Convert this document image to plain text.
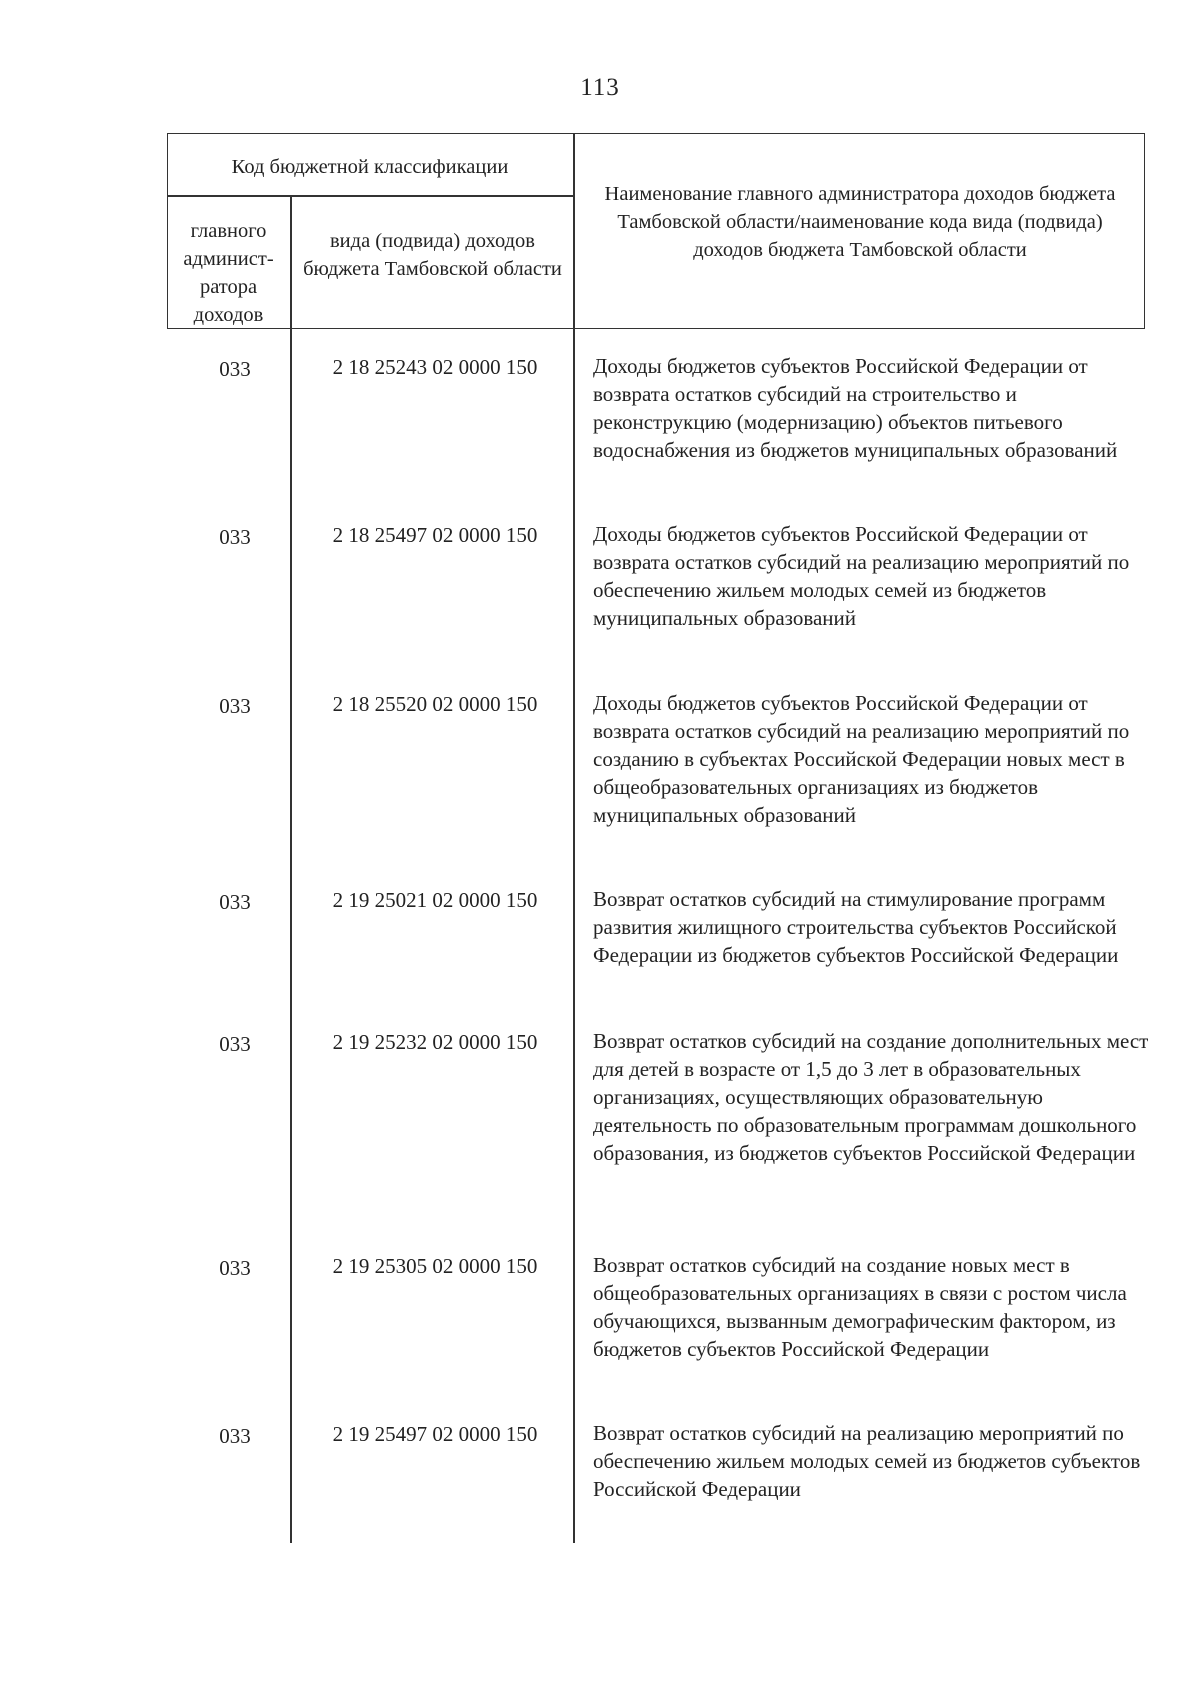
113
Код бюджетной классификации
главного админист-ратора доходов
вида (подвида) доходов бюджета Тамбовской области
Наименование главного администратора доходов бюджета Тамбовской области/наименование кода вида (подвида) доходов бюджета Тамбовской области
033	2 18 25243 02 0000 150	Доходы бюджетов субъектов Российской Федерации от возврата остатков субсидий на строительство и реконструкцию (модернизацию) объектов питьевого водоснабжения из бюджетов муниципальных образований
033	2 18 25497 02 0000 150	Доходы бюджетов субъектов Российской Федерации от возврата остатков субсидий на реализацию мероприятий по обеспечению жильем молодых семей из бюджетов муниципальных образований
033	2 18 25520 02 0000 150	Доходы бюджетов субъектов Российской Федерации от возврата остатков субсидий на реализацию мероприятий по созданию в субъектах Российской Федерации новых мест в общеобразовательных организациях из бюджетов муниципальных образований
033	2 19 25021 02 0000 150	Возврат остатков субсидий на стимулирование программ развития жилищного строительства субъектов Российской Федерации из бюджетов субъектов Российской Федерации
033	2 19 25232 02 0000 150	Возврат остатков субсидий на создание дополнительных мест для детей в возрасте от 1,5 до 3 лет в образовательных организациях, осуществляющих образовательную деятельность по образовательным программам дошкольного образования, из бюджетов субъектов Российской Федерации
033	2 19 25305 02 0000 150	Возврат остатков субсидий на создание новых мест в общеобразовательных организациях в связи с ростом числа обучающихся, вызванным демографическим фактором, из бюджетов субъектов Российской Федерации
033	2 19 25497 02 0000 150	Возврат остатков субсидий на реализацию мероприятий по обеспечению жильем молодых семей из бюджетов субъектов Российской Федерации
